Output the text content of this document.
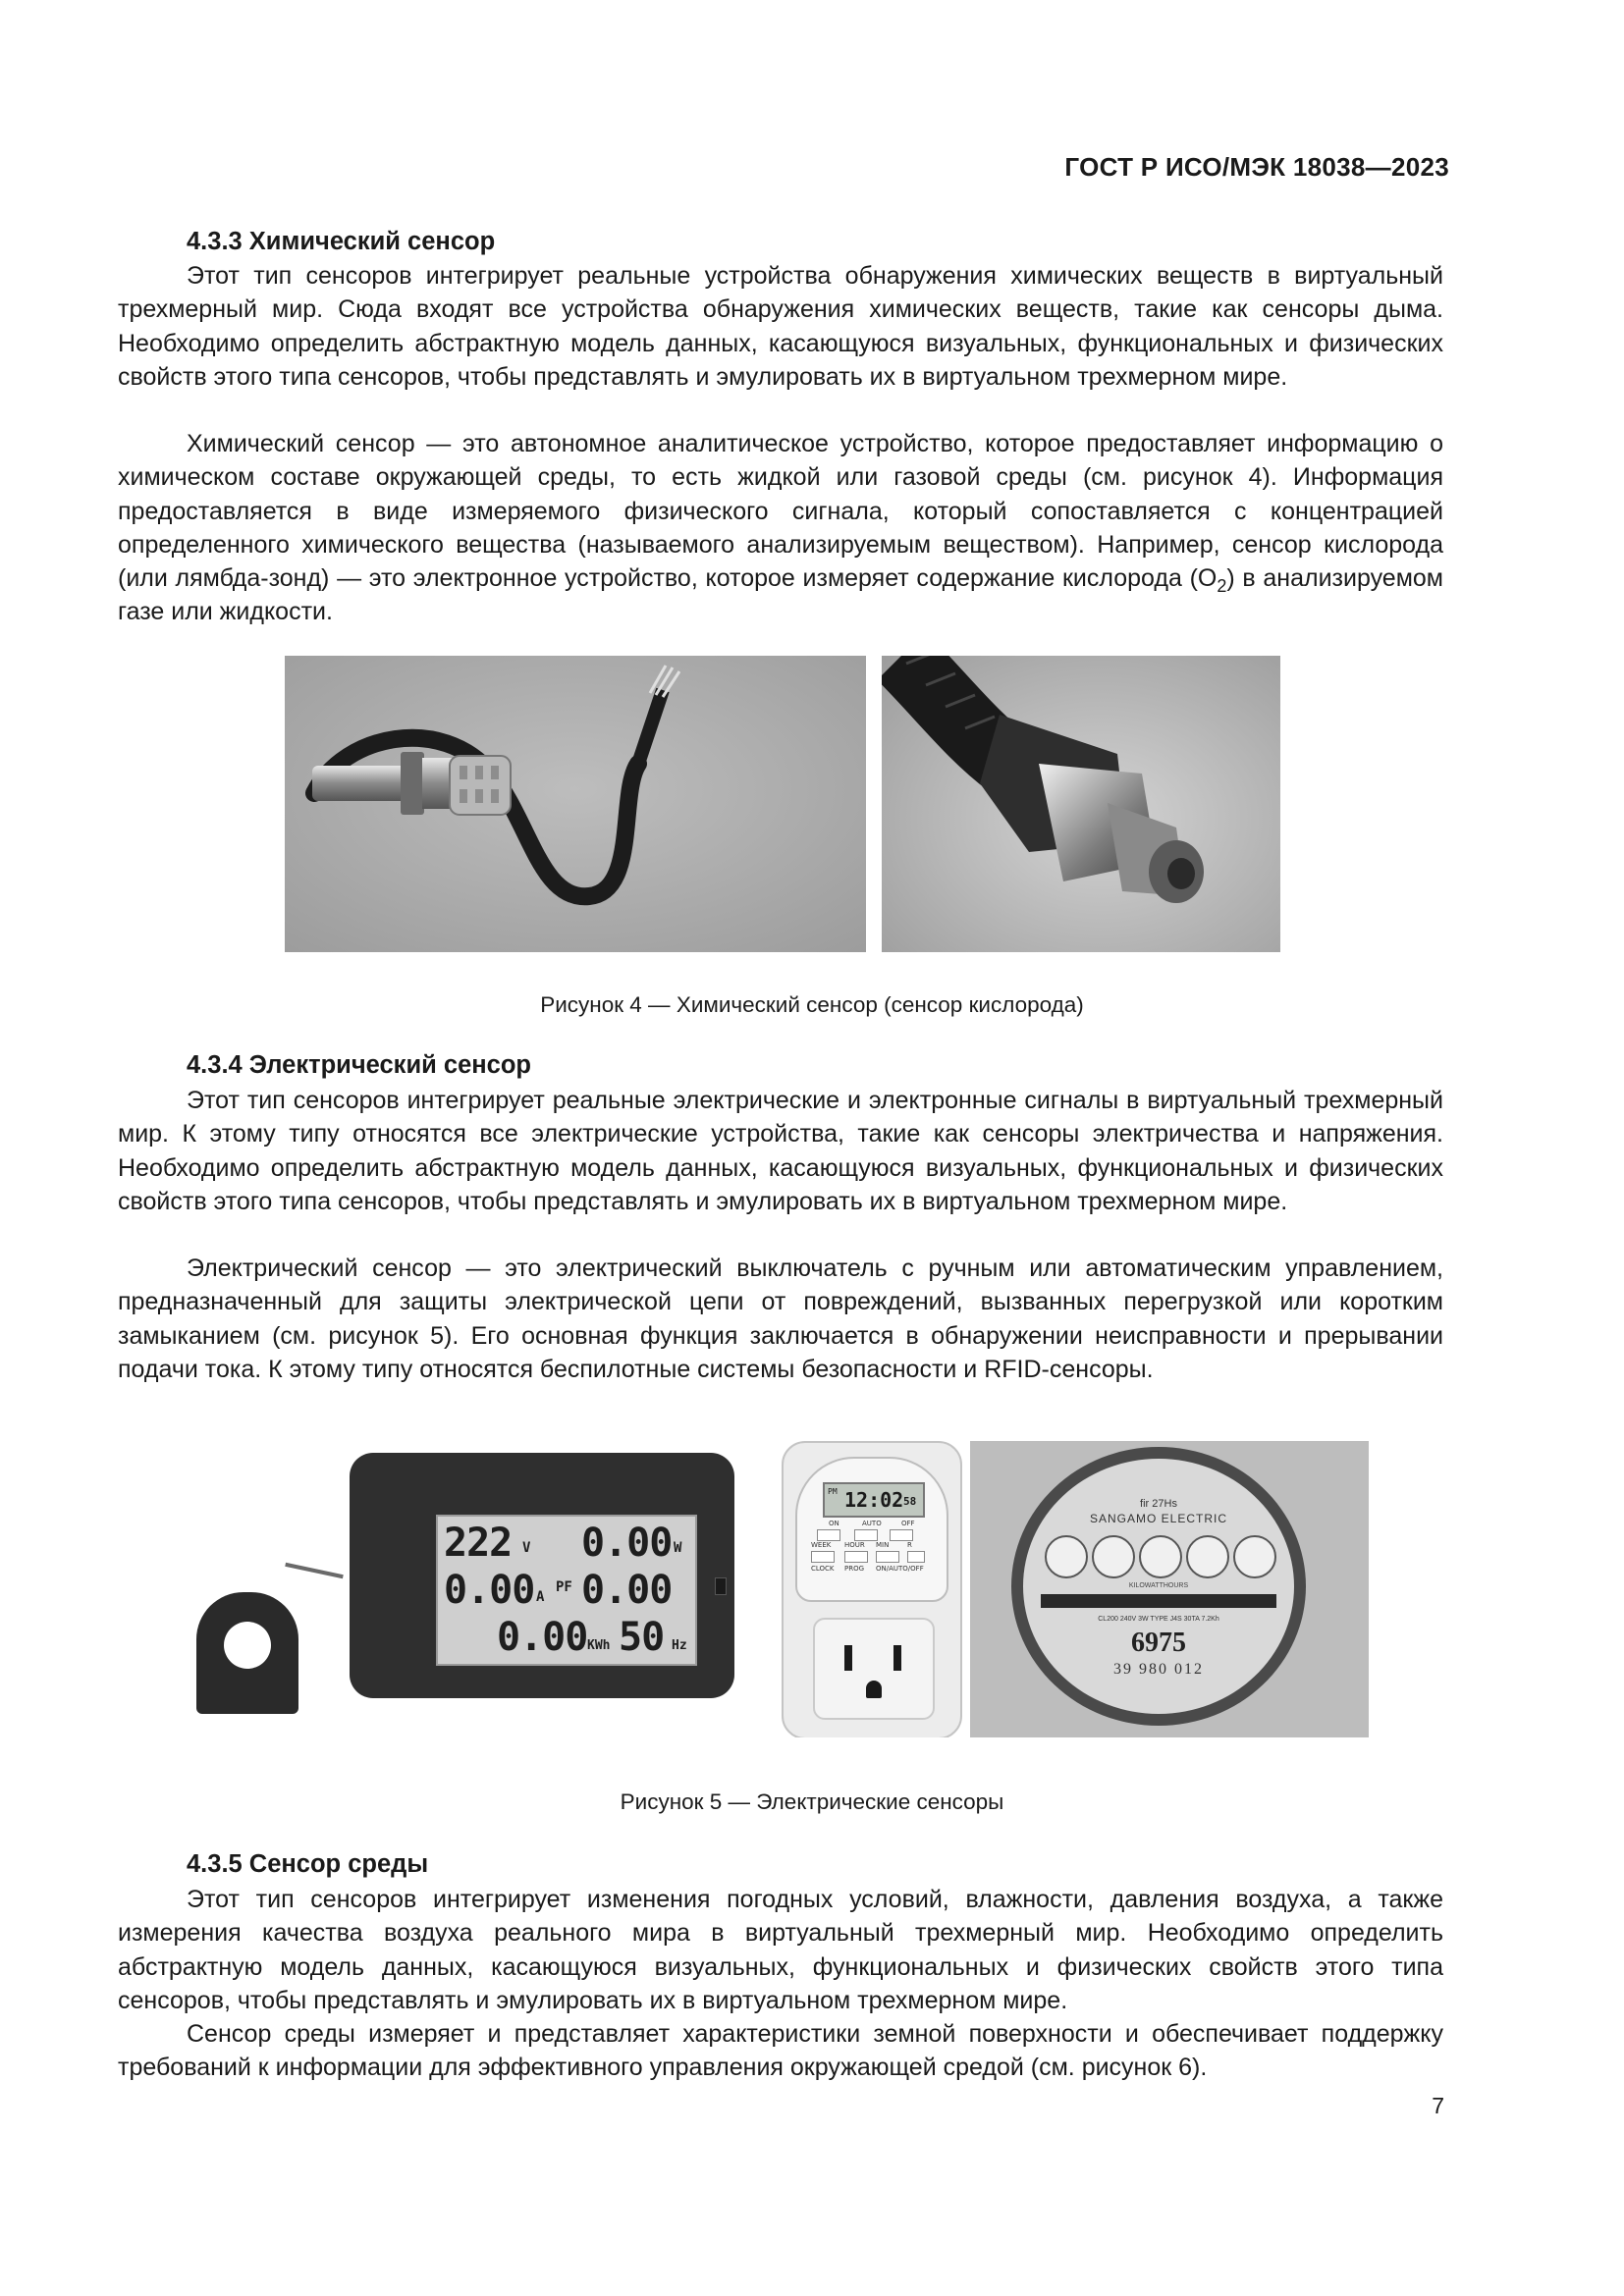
ГОСТ Р ИСО/МЭК 18038—2023
4.3.3 Химический сенсор

Этот тип сенсоров интегрирует реальные устройства обнаружения химических веществ в виртуальный трехмерный мир. Сюда входят все устройства обнаружения химических веществ, такие как сенсоры дыма. Необходимо определить абстрактную модель данных, касающуюся визуальных, функциональных и физических свойств этого типа сенсоров, чтобы представлять и эмулировать их в виртуальном трехмерном мире.

Химический сенсор — это автономное аналитическое устройство, которое предоставляет информацию о химическом составе окружающей среды, то есть жидкой или газовой среды (см. рисунок 4). Информация предоставляется в виде измеряемого физического сигнала, который сопоставляется с концентрацией определенного химического вещества (называемого анализируемым веществом). Например, сенсор кислорода (или лямбда-зонд) — это электронное устройство, которое измеряет содержание кислорода $(O_2)$ в анализируемом газе или жидкости.

Рисунок 4 — Химический сенсор (сенсор кислорода)
4.3.4 Электрический сенсор

Этот тип сенсоров интегрирует реальные электрические и электронные сигналы в виртуальный трехмерный мир. К этому типу относятся все электрические устройства, такие как сенсоры электричества и напряжения. Необходимо определить абстрактную модель данных, касающуюся визуальных, функциональных и физических свойств этого типа сенсоров, чтобы представлять и эмулировать их в виртуальном трехмерном мире.

Электрический сенсор — это электрический выключатель с ручным или автоматическим управлением, предназначенный для защиты электрической цепи от повреждений, вызванных перегрузкой или коротким замыканием (см. рисунок 5). Его основная функция заключается в обнаружении неисправности и прерывании подачи тока. К этому типу относятся беспилотные системы безопасности и RFID-сенсоры.

222 V 0.00 W
0.00 A
PF 0.00
0.00 KWh 50 Hz
PM 12:02 58
ON	AUTO	OFF
WEEK HOUR MIN	R
CLOCK PROG ON/AUTO/OFF
fir 27Hs
SANGAMO ELECTRIC
KILOWATTHOURS
CL200 240V 3W TYPE J4S 30TA 7.2Kh
6975
39 980 012
Рисунок 5 — Электрические сенсоры
4.3.5 Сенсор среды

Этот тип сенсоров интегрирует изменения погодных условий, влажности, давления воздуха, а также измерения качества воздуха реального мира в виртуальный трехмерный мир. Необходимо определить абстрактную модель данных, касающуюся визуальных, функциональных и физических свойств этого типа сенсоров, чтобы представлять и эмулировать их в виртуальном трехмерном мире.

Сенсор среды измеряет и представляет характеристики земной поверхности и обеспечивает поддержку требований к информации для эффективного управления окружающей средой (см. рисунок 6).

7
